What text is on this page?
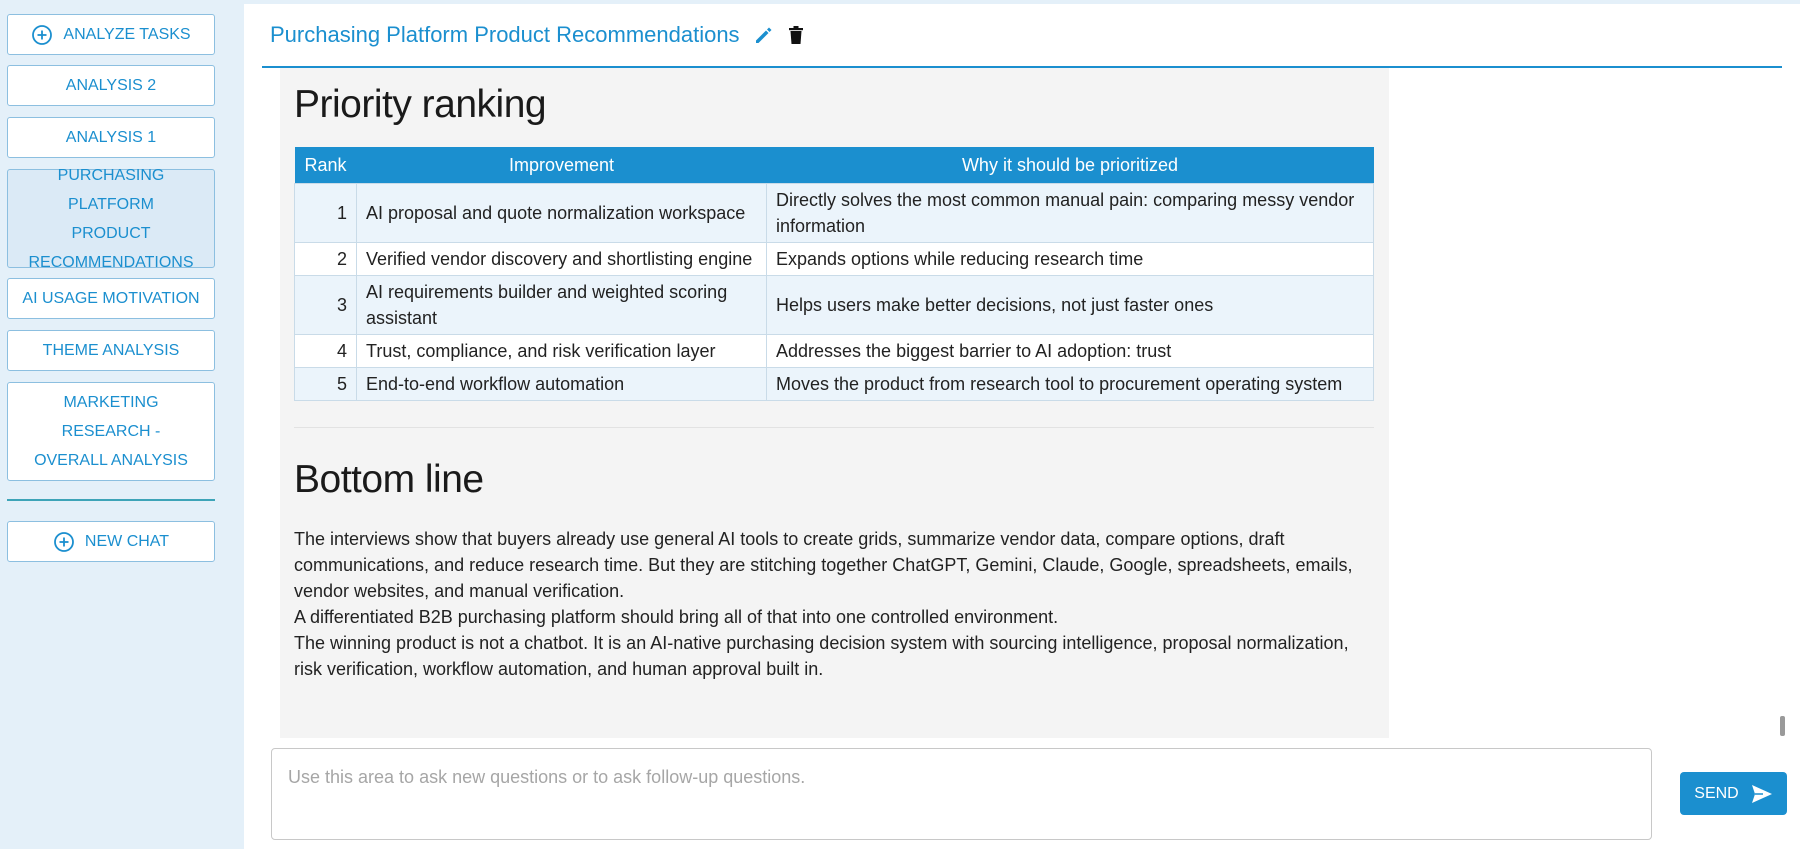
ANALYZE TASKS
ANALYSIS 2
ANALYSIS 1
PURCHASING PLATFORM PRODUCT RECOMMENDATIONS
AI USAGE MOTIVATION
THEME ANALYSIS
MARKETING RESEARCH - OVERALL ANALYSIS
NEW CHAT
Purchasing Platform Product Recommendations
Priority ranking
Rank	Improvement	Why it should be prioritized
1	AI proposal and quote normalization workspace	Directly solves the most common manual pain: comparing messy vendor information
2	Verified vendor discovery and shortlisting engine	Expands options while reducing research time
3	AI requirements builder and weighted scoring assistant	Helps users make better decisions, not just faster ones
4	Trust, compliance, and risk verification layer	Addresses the biggest barrier to AI adoption: trust
5	End-to-end workflow automation	Moves the product from research tool to procurement operating system
Bottom line

The interviews show that buyers already use general AI tools to create grids, summarize vendor data, compare options, draft communications, and reduce research time. But they are stitching together ChatGPT, Gemini, Claude, Google, spreadsheets, emails, vendor websites, and manual verification.

A differentiated B2B purchasing platform should bring all of that into one controlled environment.

The winning product is not a chatbot. It is an AI-native purchasing decision system with sourcing intelligence, proposal normalization, risk verification, workflow automation, and human approval built in.

Use this area to ask new questions or to ask follow-up questions.
SEND
